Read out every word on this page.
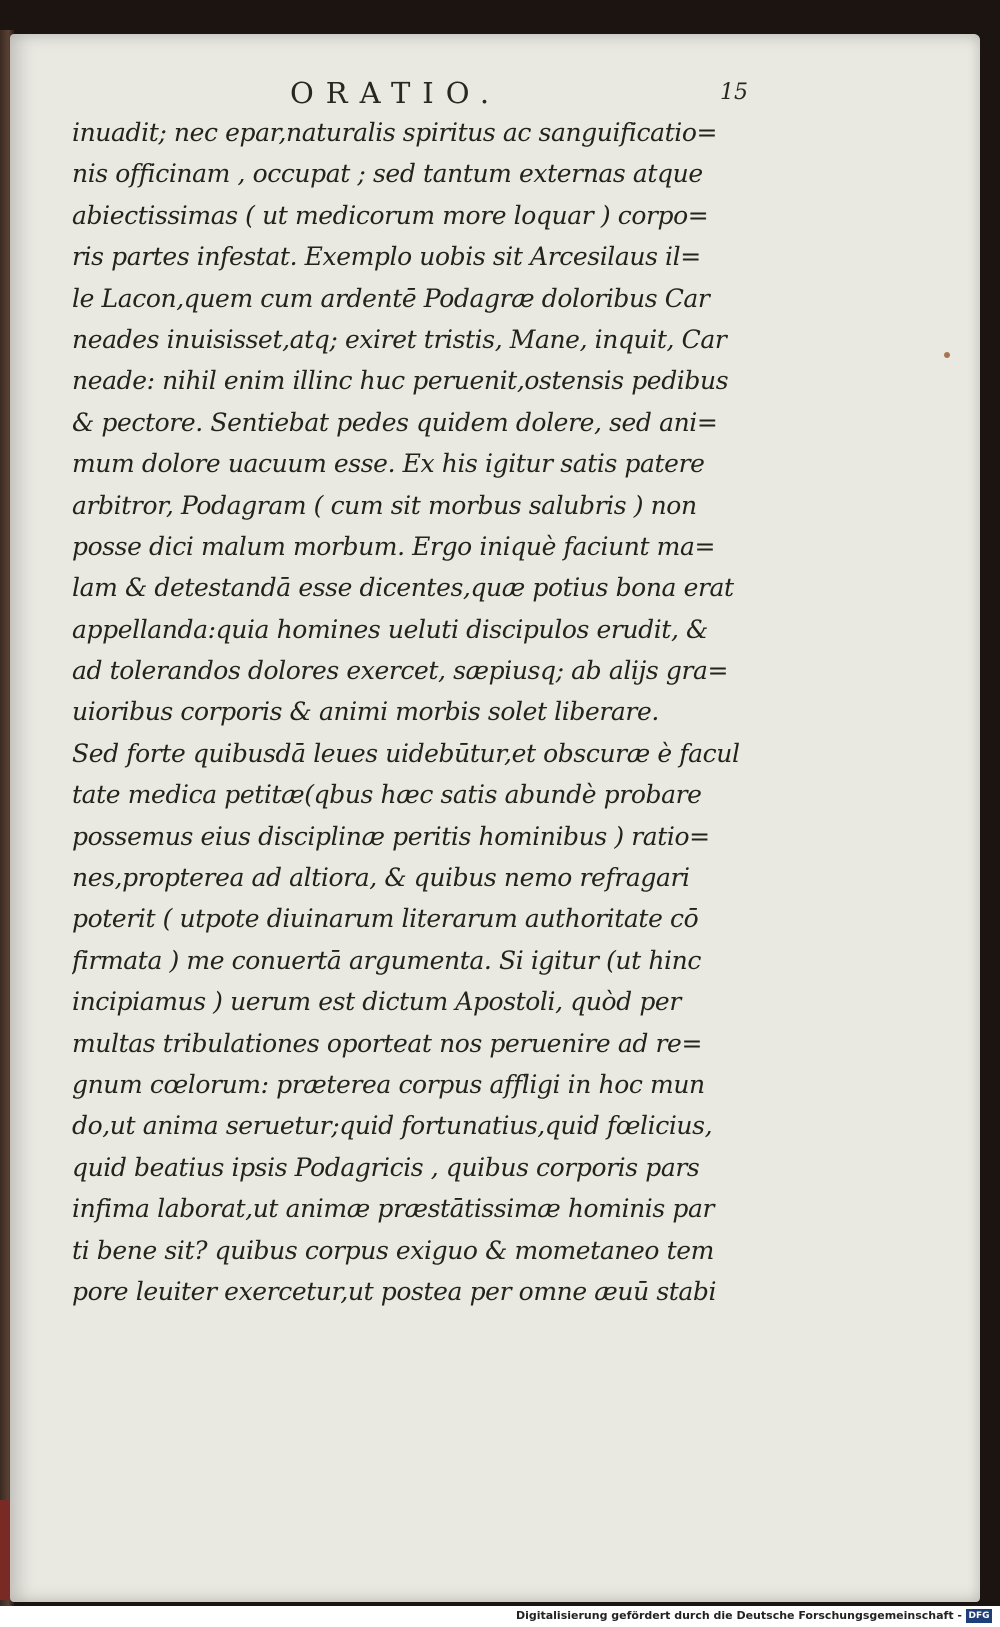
ORATIO.	15
inuadit; nec epar,naturalis spiritus ac sanguificatio=
nis officinam , occupat ; sed tantum externas atque
abiectissimas ( ut medicorum more loquar ) corpo=
ris partes infestat. Exemplo uobis sit Arcesilaus il=
le Lacon,quem cum ardentē Podagræ doloribus Car
neades inuisisset,atq; exiret tristis, Mane, inquit, Car
neade: nihil enim illinc huc peruenit,ostensis pedibus
& pectore. Sentiebat pedes quidem dolere, sed ani=
mum dolore uacuum esse. Ex his igitur satis patere
arbitror, Podagram ( cum sit morbus salubris ) non
posse dici malum morbum. Ergo iniquè faciunt ma=
lam & detestandā esse dicentes,quæ potius bona erat
appellanda:quia homines ueluti discipulos erudit, &
ad tolerandos dolores exercet, sæpiusq; ab alijs gra=
uioribus corporis & animi morbis solet liberare.
Sed forte quibusdā leues uidebūtur,et obscuræ è facul
tate medica petitæ(qbus hæc satis abundè probare
possemus eius disciplinæ peritis hominibus ) ratio=
nes,propterea ad altiora, & quibus nemo refragari
poterit ( utpote diuinarum literarum authoritate cō
firmata ) me conuertā argumenta. Si igitur (ut hinc
incipiamus ) uerum est dictum Apostoli, quòd per
multas tribulationes oporteat nos peruenire ad re=
gnum cœlorum: præterea corpus affligi in hoc mun
do,ut anima seruetur;quid fortunatius,quid fœlicius,
quid beatius ipsis Podagricis , quibus corporis pars
infima laborat,ut animæ præstātissimæ hominis par
ti bene sit? quibus corpus exiguo & mometaneo tem
pore leuiter exercetur,ut postea per omne æuū stabi
Digitalisierung gefördert durch die Deutsche Forschungsgemeinschaft - DFG
